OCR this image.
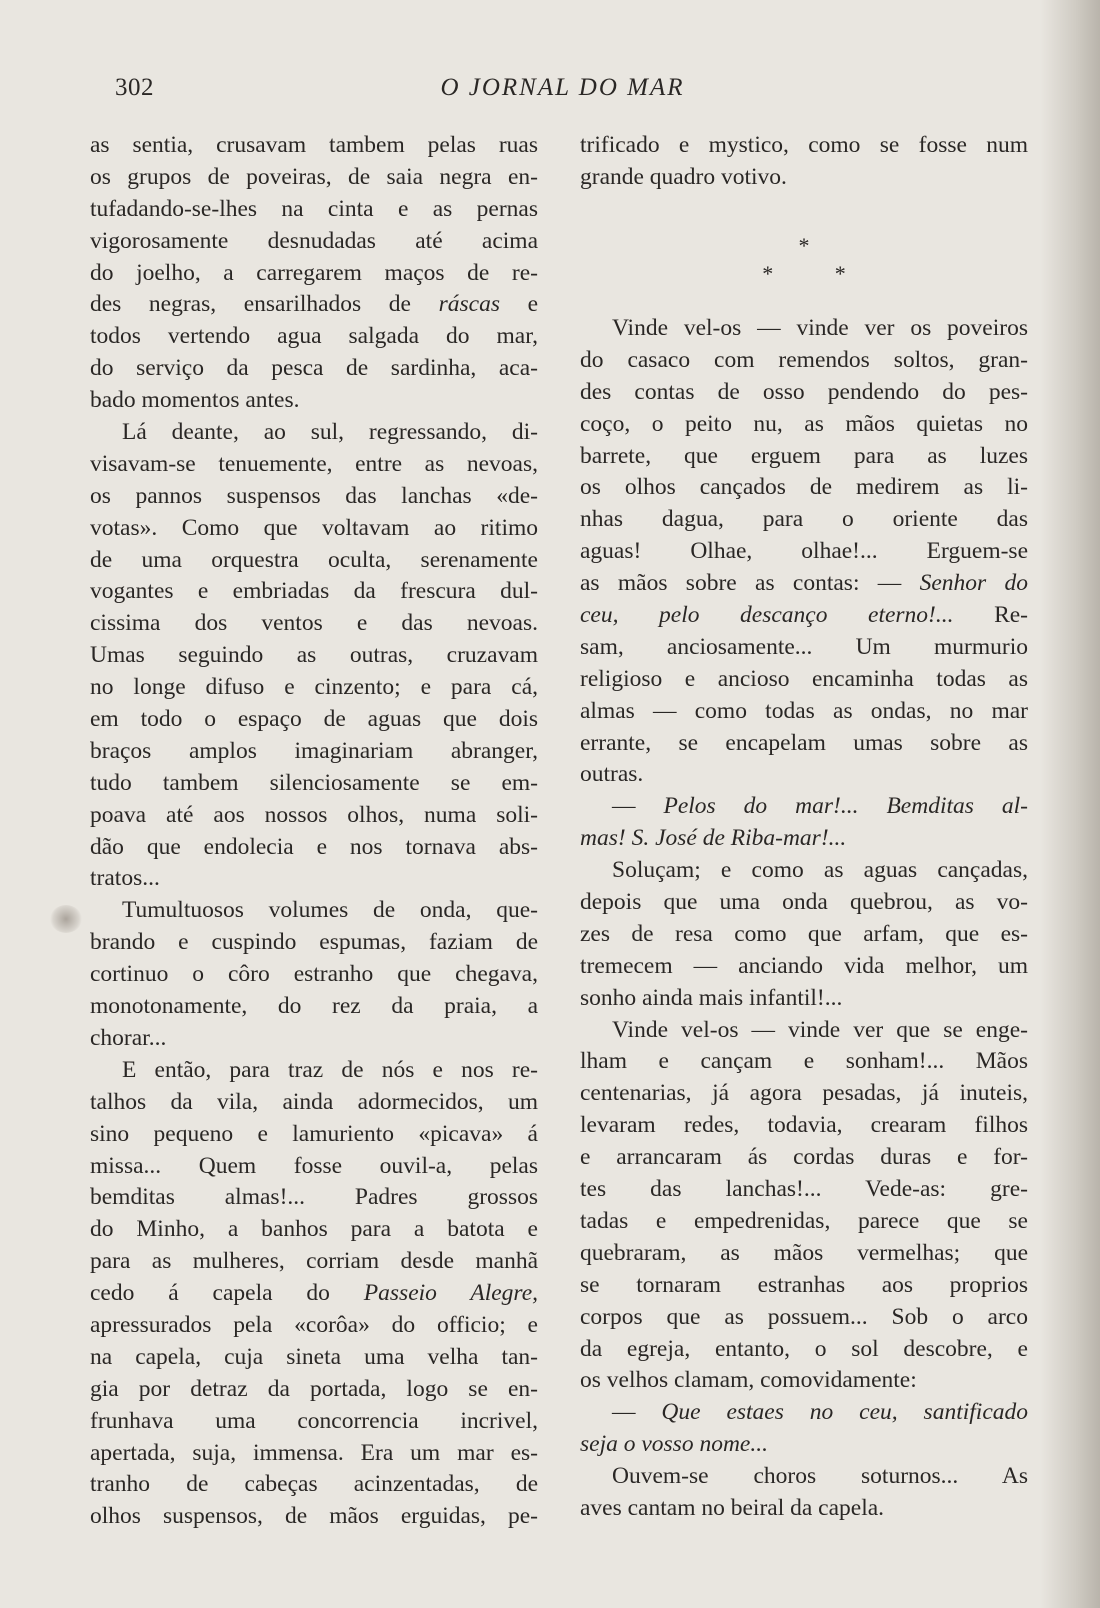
302	O JORNAL DO MAR
as sentia, crusavam tambem pelas ruas
os grupos de poveiras, de saia negra en-
tufadando-se-lhes na cinta e as pernas
vigorosamente desnudadas até acima
do joelho, a carregarem maços de re-
des negras, ensarilhados de ráscas e
todos vertendo agua salgada do mar,
do serviço da pesca de sardinha, aca-
bado momentos antes.
Lá deante, ao sul, regressando, di-
visavam-se tenuemente, entre as nevoas,
os pannos suspensos das lanchas «de-
votas». Como que voltavam ao ritimo
de uma orquestra oculta, serenamente
vogantes e embriadas da frescura dul-
cissima dos ventos e das nevoas.
Umas seguindo as outras, cruzavam
no longe difuso e cinzento; e para cá,
em todo o espaço de aguas que dois
braços amplos imaginariam abranger,
tudo tambem silenciosamente se em-
poava até aos nossos olhos, numa soli-
dão que endolecia e nos tornava abs-
tratos...
Tumultuosos volumes de onda, que-
brando e cuspindo espumas, faziam de
cortinuo o côro estranho que chegava,
monotonamente, do rez da praia, a
chorar...
E então, para traz de nós e nos re-
talhos da vila, ainda adormecidos, um
sino pequeno e lamuriento «picava» á
missa... Quem fosse ouvil-a, pelas
bemditas almas!... Padres grossos
do Minho, a banhos para a batota e
para as mulheres, corriam desde manhã
cedo á capela do Passeio Alegre,
apressurados pela «corôa» do officio; e
na capela, cuja sineta uma velha tan-
gia por detraz da portada, logo se en-
frunhava uma concorrencia incrivel,
apertada, suja, immensa. Era um mar es-
tranho de cabeças acinzentadas, de
olhos suspensos, de mãos erguidas, pe-
trificado e mystico, como se fosse num
grande quadro votivo.
*
* *
Vinde vel-os — vinde ver os poveiros
do casaco com remendos soltos, gran-
des contas de osso pendendo do pes-
coço, o peito nu, as mãos quietas no
barrete, que erguem para as luzes
os olhos cançados de medirem as li-
nhas dagua, para o oriente das
aguas! Olhae, olhae!... Erguem-se
as mãos sobre as contas: — Senhor do
ceu, pelo descanço eterno!... Re-
sam, anciosamente... Um murmurio
religioso e ancioso encaminha todas as
almas — como todas as ondas, no mar
errante, se encapelam umas sobre as
outras.
— Pelos do mar!... Bemditas al-
mas! S. José de Riba-mar!...
Soluçam; e como as aguas cançadas,
depois que uma onda quebrou, as vo-
zes de resa como que arfam, que es-
tremecem — anciando vida melhor, um
sonho ainda mais infantil!...
Vinde vel-os — vinde ver que se enge-
lham e cançam e sonham!... Mãos
centenarias, já agora pesadas, já inuteis,
levaram redes, todavia, crearam filhos
e arrancaram ás cordas duras e for-
tes das lanchas!... Vede-as: gre-
tadas e empedrenidas, parece que se
quebraram, as mãos vermelhas; que
se tornaram estranhas aos proprios
corpos que as possuem... Sob o arco
da egreja, entanto, o sol descobre, e
os velhos clamam, comovidamente:
— Que estaes no ceu, santificado
seja o vosso nome...
Ouvem-se choros soturnos... As
aves cantam no beiral da capela.
